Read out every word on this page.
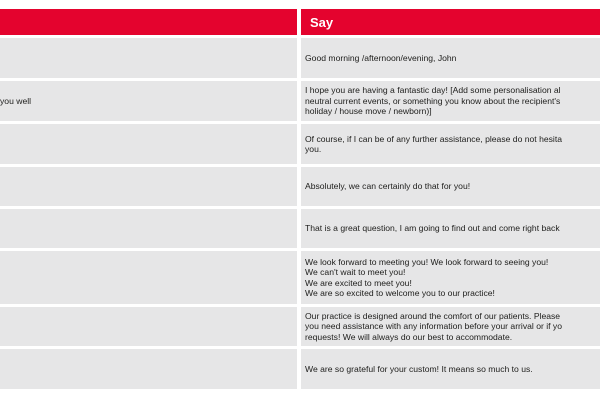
Say
Good morning /afternoon/evening, John
you well
I hope you are having a fantastic day! [Add some personalisation al
neutral current events, or something you know about the recipient's
holiday / house move / newborn)]
Of course, if I can be of any further assistance, please do not hesita
you.
Absolutely, we can certainly do that for you!
That is a great question, I am going to find out and come right back
We look forward to meeting you! We look forward to seeing you!
We can't wait to meet you!
We are excited to meet you!
We are so excited to welcome you to our practice!
Our practice is designed around the comfort of our patients. Please
you need assistance with any information before your arrival or if yo
requests! We will always do our best to accommodate.
We are so grateful for your custom! It means so much to us.
